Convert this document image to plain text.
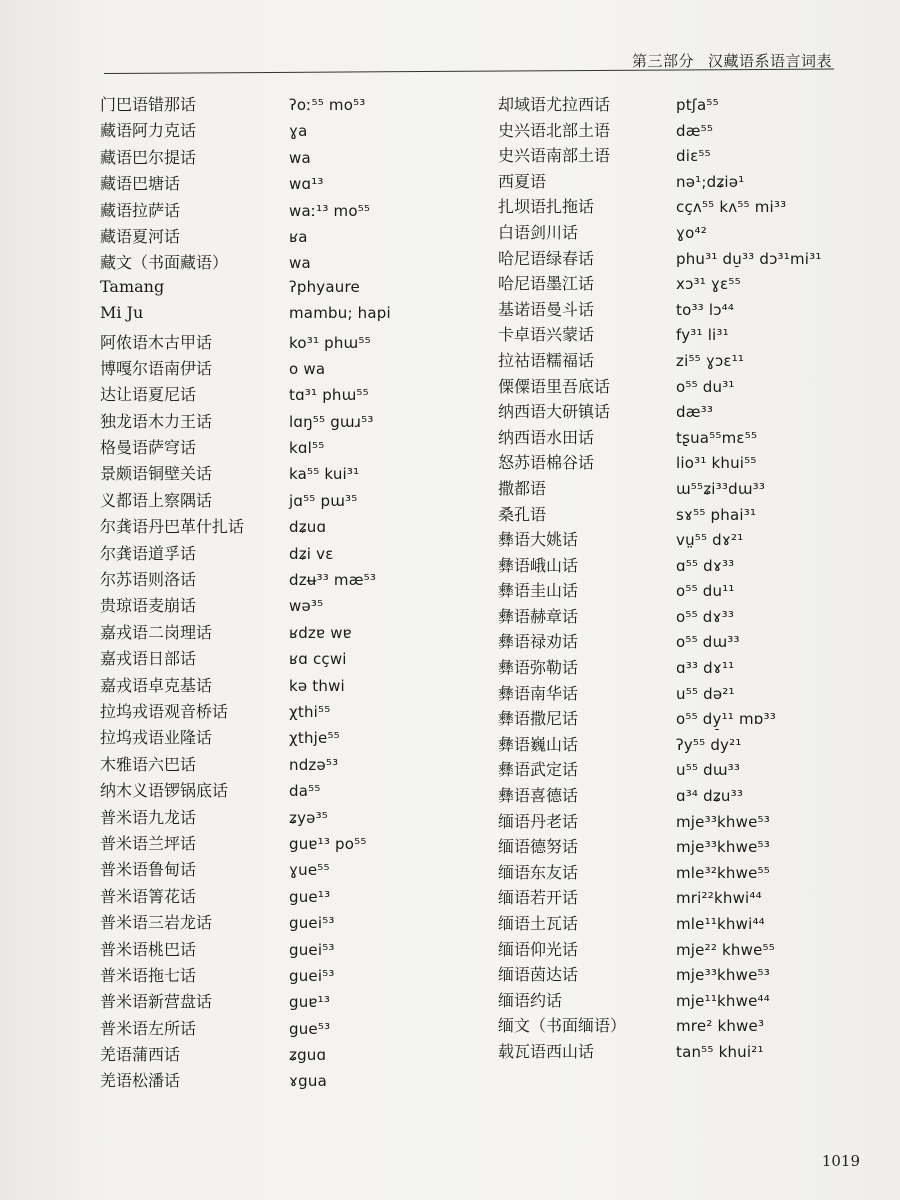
第三部分 汉藏语系语言词表
门巴语错那话	ʔoː⁵⁵ mo⁵³
藏语阿力克话	ɣa
藏语巴尔提话	wa
藏语巴塘话	wɑ¹³
藏语拉萨话	waː¹³ mo⁵⁵
藏语夏河话	ʁa
藏文（书面藏语）	wa
Tamang	ʔphyaure
Mi Ju	mambu; hapi
阿侬语木古甲话	ko³¹ phɯ⁵⁵
博嘎尔语南伊话	o wa
达让语夏尼话	tɑ³¹ phɯ⁵⁵
独龙语木力王话	lɑŋ⁵⁵ gɯɹ⁵³
格曼语萨穹话	kɑl⁵⁵
景颇语铜壁关话	ka⁵⁵ kui³¹
义都语上察隅话	jɑ⁵⁵ pɯ³⁵
尔龚语丹巴革什扎话	dʑuɑ
尔龚语道孚话	dʑi vɛ
尔苏语则洛话	dzʉ³³ mæ⁵³
贵琼语麦崩话	wə³⁵
嘉戎语二岗理话	ʁdzɐ wɐ
嘉戎语日部话	ʁɑ cçwi
嘉戎语卓克基话	kə thwi
拉坞戎语观音桥话	χthi⁵⁵
拉坞戎语业隆话	χthje⁵⁵
木雅语六巴话	ndzə⁵³
纳木义语锣锅底话	da⁵⁵
普米语九龙话	ʑyə³⁵
普米语兰坪话	guɐ¹³ po⁵⁵
普米语鲁甸话	ɣue⁵⁵
普米语箐花话	gue¹³
普米语三岩龙话	guei⁵³
普米语桃巴话	guei⁵³
普米语拖七话	guei⁵³
普米语新营盘话	guɐ¹³
普米语左所话	gue⁵³
羌语蒲西话	ʑguɑ
羌语松潘话	ɤgua
却域语尤拉西话	ptʃa⁵⁵
史兴语北部土语	dæ⁵⁵
史兴语南部土语	diɛ⁵⁵
西夏语	nə¹;dʑiə¹
扎坝语扎拖话	cçʌ⁵⁵ kʌ⁵⁵ mi³³
白语剑川话	ɣo⁴²
哈尼语绿春话	phu³¹ du̠³³ dɔ³¹mi³¹
哈尼语墨江话	xɔ³¹ ɣɛ⁵⁵
基诺语曼斗话	to³³ lɔ⁴⁴
卡卓语兴蒙话	fy³¹ li³¹
拉祜语糯福话	zi⁵⁵ ɣɔɛ¹¹
傈僳语里吾底话	o⁵⁵ du³¹
纳西语大研镇话	dæ³³
纳西语水田话	tʂua⁵⁵mɛ⁵⁵
怒苏语棉谷话	lio³¹ khui⁵⁵
撒都语	ɯ⁵⁵ʑi³³dɯ³³
桑孔语	sɤ⁵⁵ phai³¹
彝语大姚话	vṳ⁵⁵ dɤ²¹
彝语峨山话	ɑ⁵⁵ dɤ³³
彝语圭山话	o⁵⁵ du¹¹
彝语赫章话	o⁵⁵ dɤ³³
彝语禄劝话	o⁵⁵ dɯ³³
彝语弥勒话	ɑ³³ dɤ¹¹
彝语南华话	u⁵⁵ də²¹
彝语撒尼话	o⁵⁵ dy̠¹¹ mɒ³³
彝语巍山话	ʔy⁵⁵ dy²¹
彝语武定话	u⁵⁵ dɯ³³
彝语喜德话	ɑ³⁴ dʑu³³
缅语丹老话	mje³³khwe⁵³
缅语德努话	mje³³khwe⁵³
缅语东友话	mle³²khwe⁵⁵
缅语若开话	mri²²khwi⁴⁴
缅语土瓦话	mle¹¹khwi⁴⁴
缅语仰光话	mje²² khwe⁵⁵
缅语茵达话	mje³³khwe⁵³
缅语约话	mje¹¹khwe⁴⁴
缅文（书面缅语）	mre² khwe³
载瓦语西山话	tan⁵⁵ khui²¹
1019
